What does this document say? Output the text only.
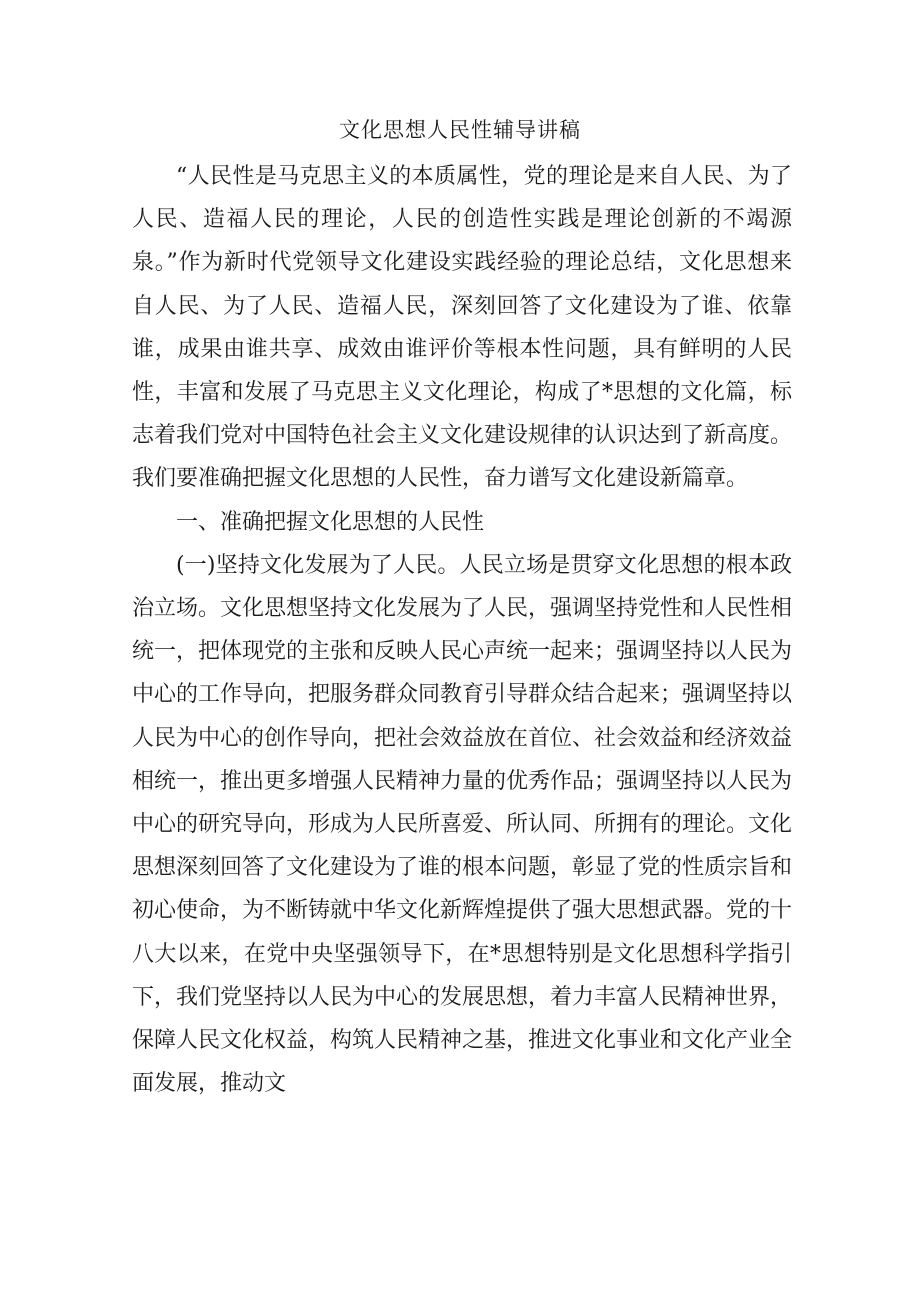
文化思想人民性辅导讲稿

“人民性是马克思主义的本质属性，党的理论是来自人民、为了人民、造福人民的理论，人民的创造性实践是理论创新的不竭源泉。”作为新时代党领导文化建设实践经验的理论总结，文化思想来自人民、为了人民、造福人民，深刻回答了文化建设为了谁、依靠谁，成果由谁共享、成效由谁评价等根本性问题，具有鲜明的人民性，丰富和发展了马克思主义文化理论，构成了*思想的文化篇，标志着我们党对中国特色社会主义文化建设规律的认识达到了新高度。我们要准确把握文化思想的人民性，奋力谱写文化建设新篇章。

一、准确把握文化思想的人民性

(一)坚持文化发展为了人民。人民立场是贯穿文化思想的根本政治立场。文化思想坚持文化发展为了人民，强调坚持党性和人民性相统一，把体现党的主张和反映人民心声统一起来；强调坚持以人民为中心的工作导向，把服务群众同教育引导群众结合起来；强调坚持以人民为中心的创作导向，把社会效益放在首位、社会效益和经济效益相统一，推出更多增强人民精神力量的优秀作品；强调坚持以人民为中心的研究导向，形成为人民所喜爱、所认同、所拥有的理论。文化思想深刻回答了文化建设为了谁的根本问题，彰显了党的性质宗旨和初心使命，为不断铸就中华文化新辉煌提供了强大思想武器。党的十八大以来，在党中央坚强领导下，在*思想特别是文化思想科学指引下，我们党坚持以人民为中心的发展思想，着力丰富人民精神世界，保障人民文化权益，构筑人民精神之基，推进文化事业和文化产业全面发展，推动文
